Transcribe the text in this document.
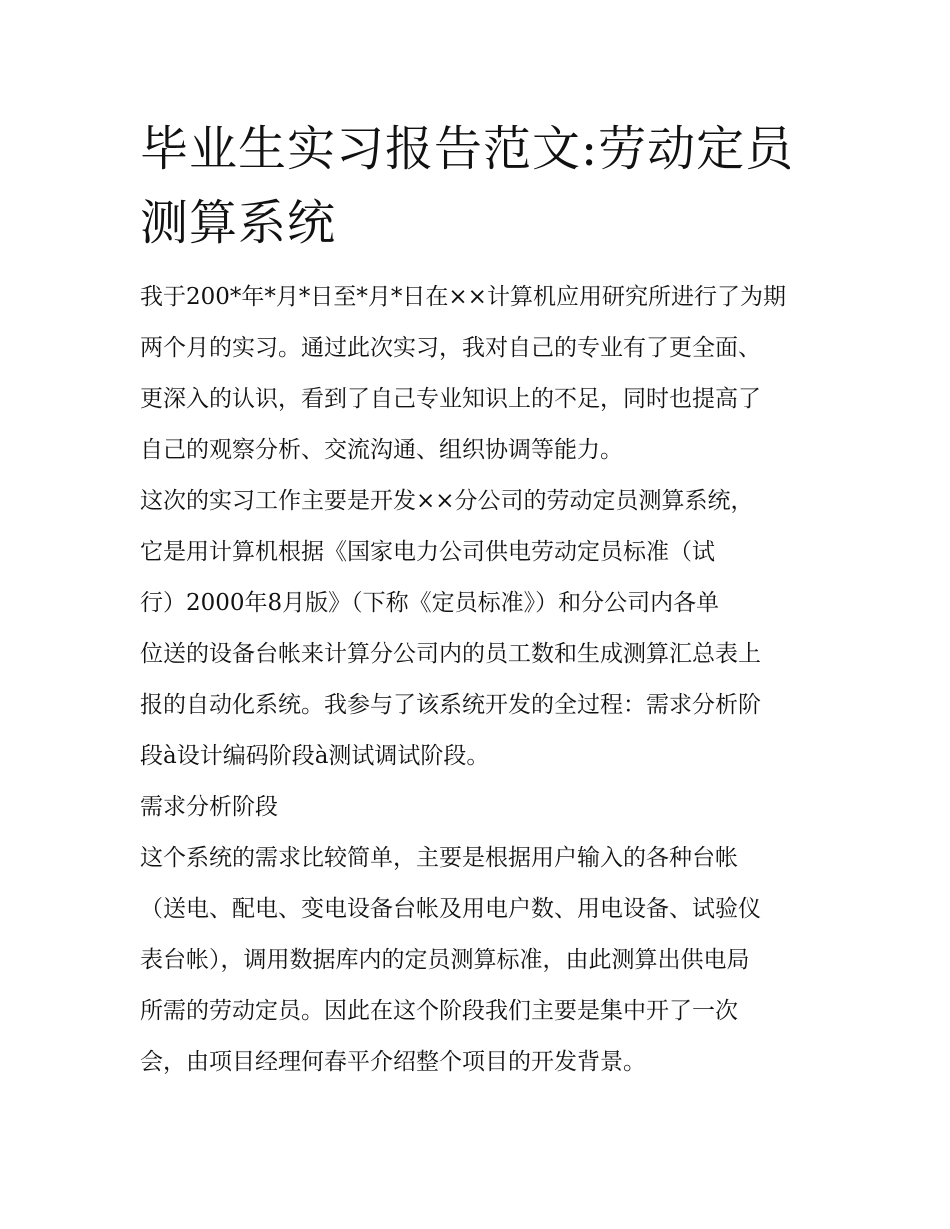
毕业生实习报告范文:劳动定员
测算系统
我于200*年*月*日至*月*日在××计算机应用研究所进行了为期
两个月的实习。通过此次实习，我对自己的专业有了更全面、
更深入的认识，看到了自己专业知识上的不足，同时也提高了
自己的观察分析、交流沟通、组织协调等能力。
这次的实习工作主要是开发××分公司的劳动定员测算系统，
它是用计算机根据《国家电力公司供电劳动定员标准（试
行）2000年8月版》（下称《定员标准》）和分公司内各单
位送的设备台帐来计算分公司内的员工数和生成测算汇总表上
报的自动化系统。我参与了该系统开发的全过程：需求分析阶
段à设计编码阶段à测试调试阶段。
需求分析阶段
这个系统的需求比较简单，主要是根据用户输入的各种台帐
（送电、配电、变电设备台帐及用电户数、用电设备、试验仪
表台帐），调用数据库内的定员测算标准，由此测算出供电局
所需的劳动定员。因此在这个阶段我们主要是集中开了一次
会，由项目经理何春平介绍整个项目的开发背景。
